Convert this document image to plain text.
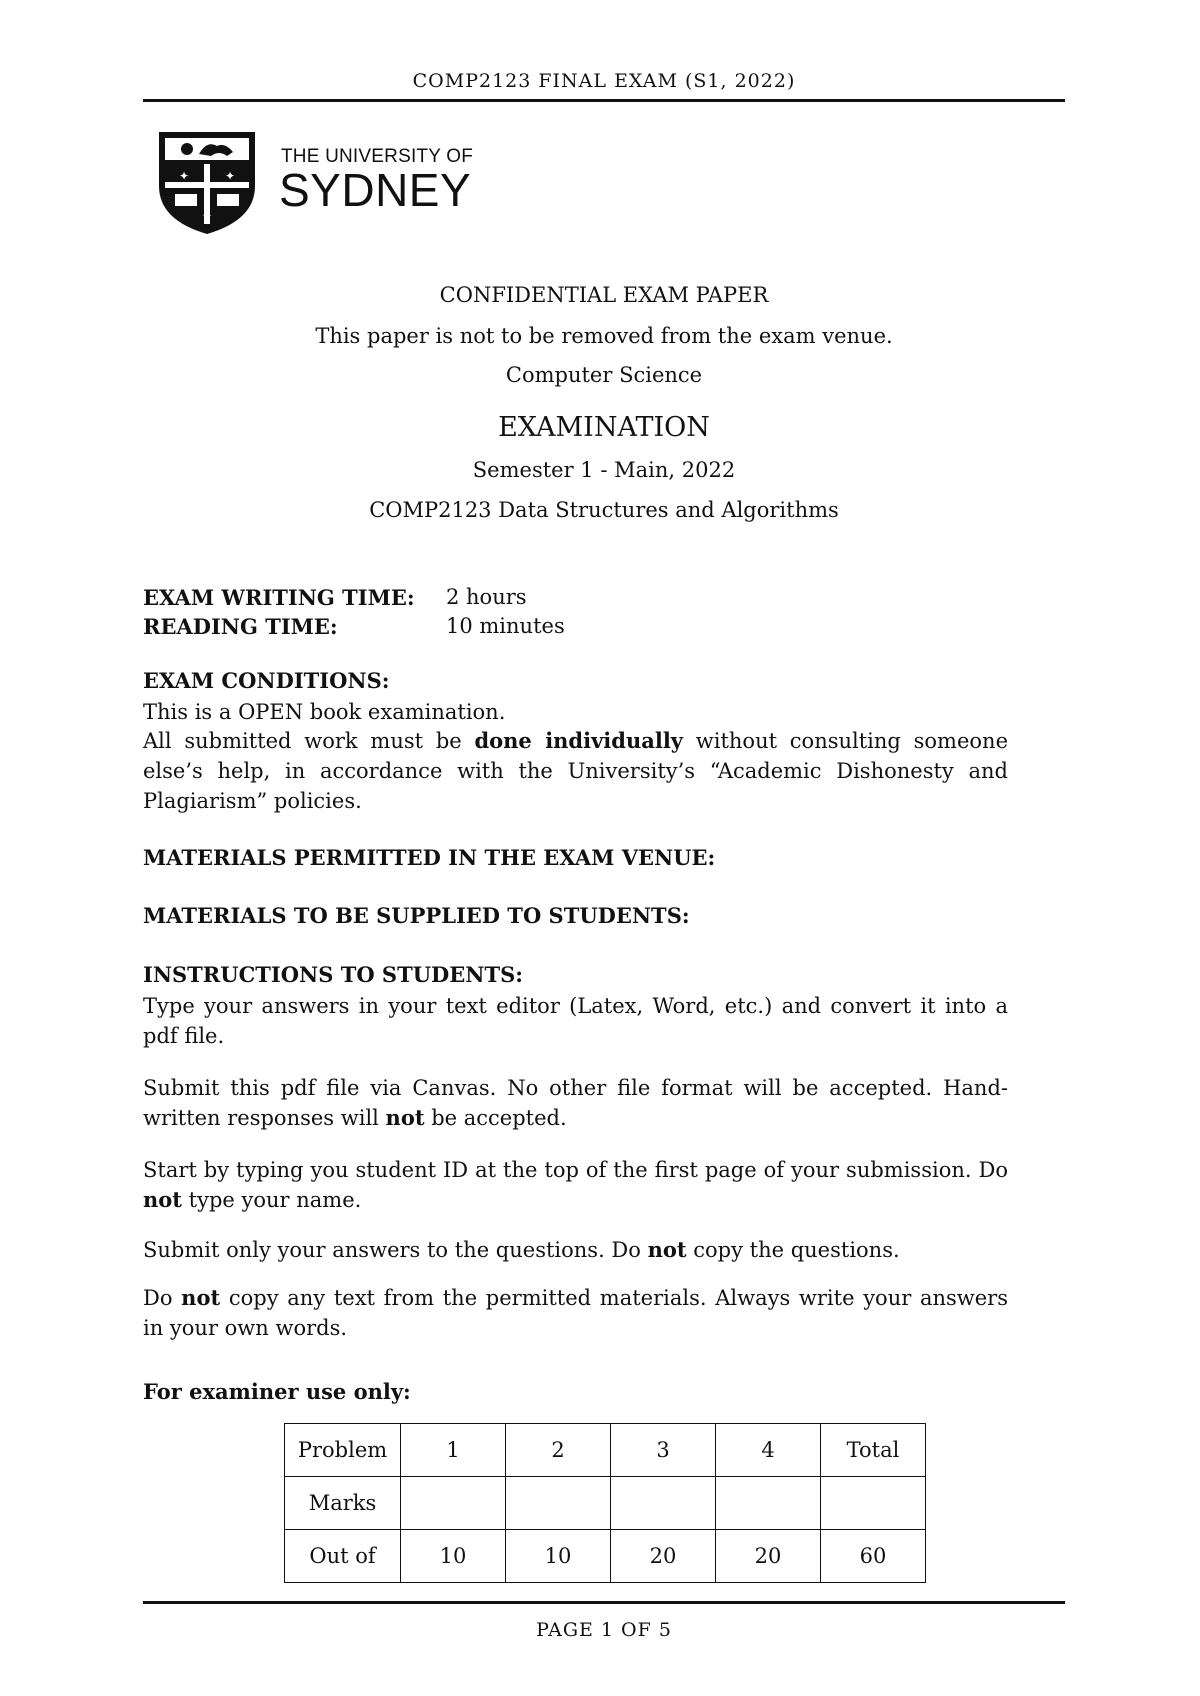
COMP2123 FINAL EXAM (S1, 2022)
✦	✦
✦
THE UNIVERSITY OF
SYDNEY
CONFIDENTIAL EXAM PAPER
This paper is not to be removed from the exam venue.
Computer Science
EXAMINATION
Semester 1 - Main, 2022
COMP2123 Data Structures and Algorithms
EXAM WRITING TIME: 2 hours
READING TIME:	10 minutes
EXAM CONDITIONS:
This is a OPEN book examination.
All submitted work must be done individually without consulting someone else’s help, in accordance with the University’s “Academic Dishonesty and Plagiarism” policies.
MATERIALS PERMITTED IN THE EXAM VENUE:
MATERIALS TO BE SUPPLIED TO STUDENTS:
INSTRUCTIONS TO STUDENTS:
Type your answers in your text editor (Latex, Word, etc.) and convert it into a pdf file.
Submit this pdf file via Canvas. No other file format will be accepted. Hand-written responses will not be accepted.
Start by typing you student ID at the top of the first page of your submission. Do not type your name.
Submit only your answers to the questions. Do not copy the questions.
Do not copy any text from the permitted materials. Always write your answers in your own words.
For examiner use only:
Problem	1	2	3	4	Total
Marks					
Out of	10	10	20	20	60
PAGE 1 OF 5
